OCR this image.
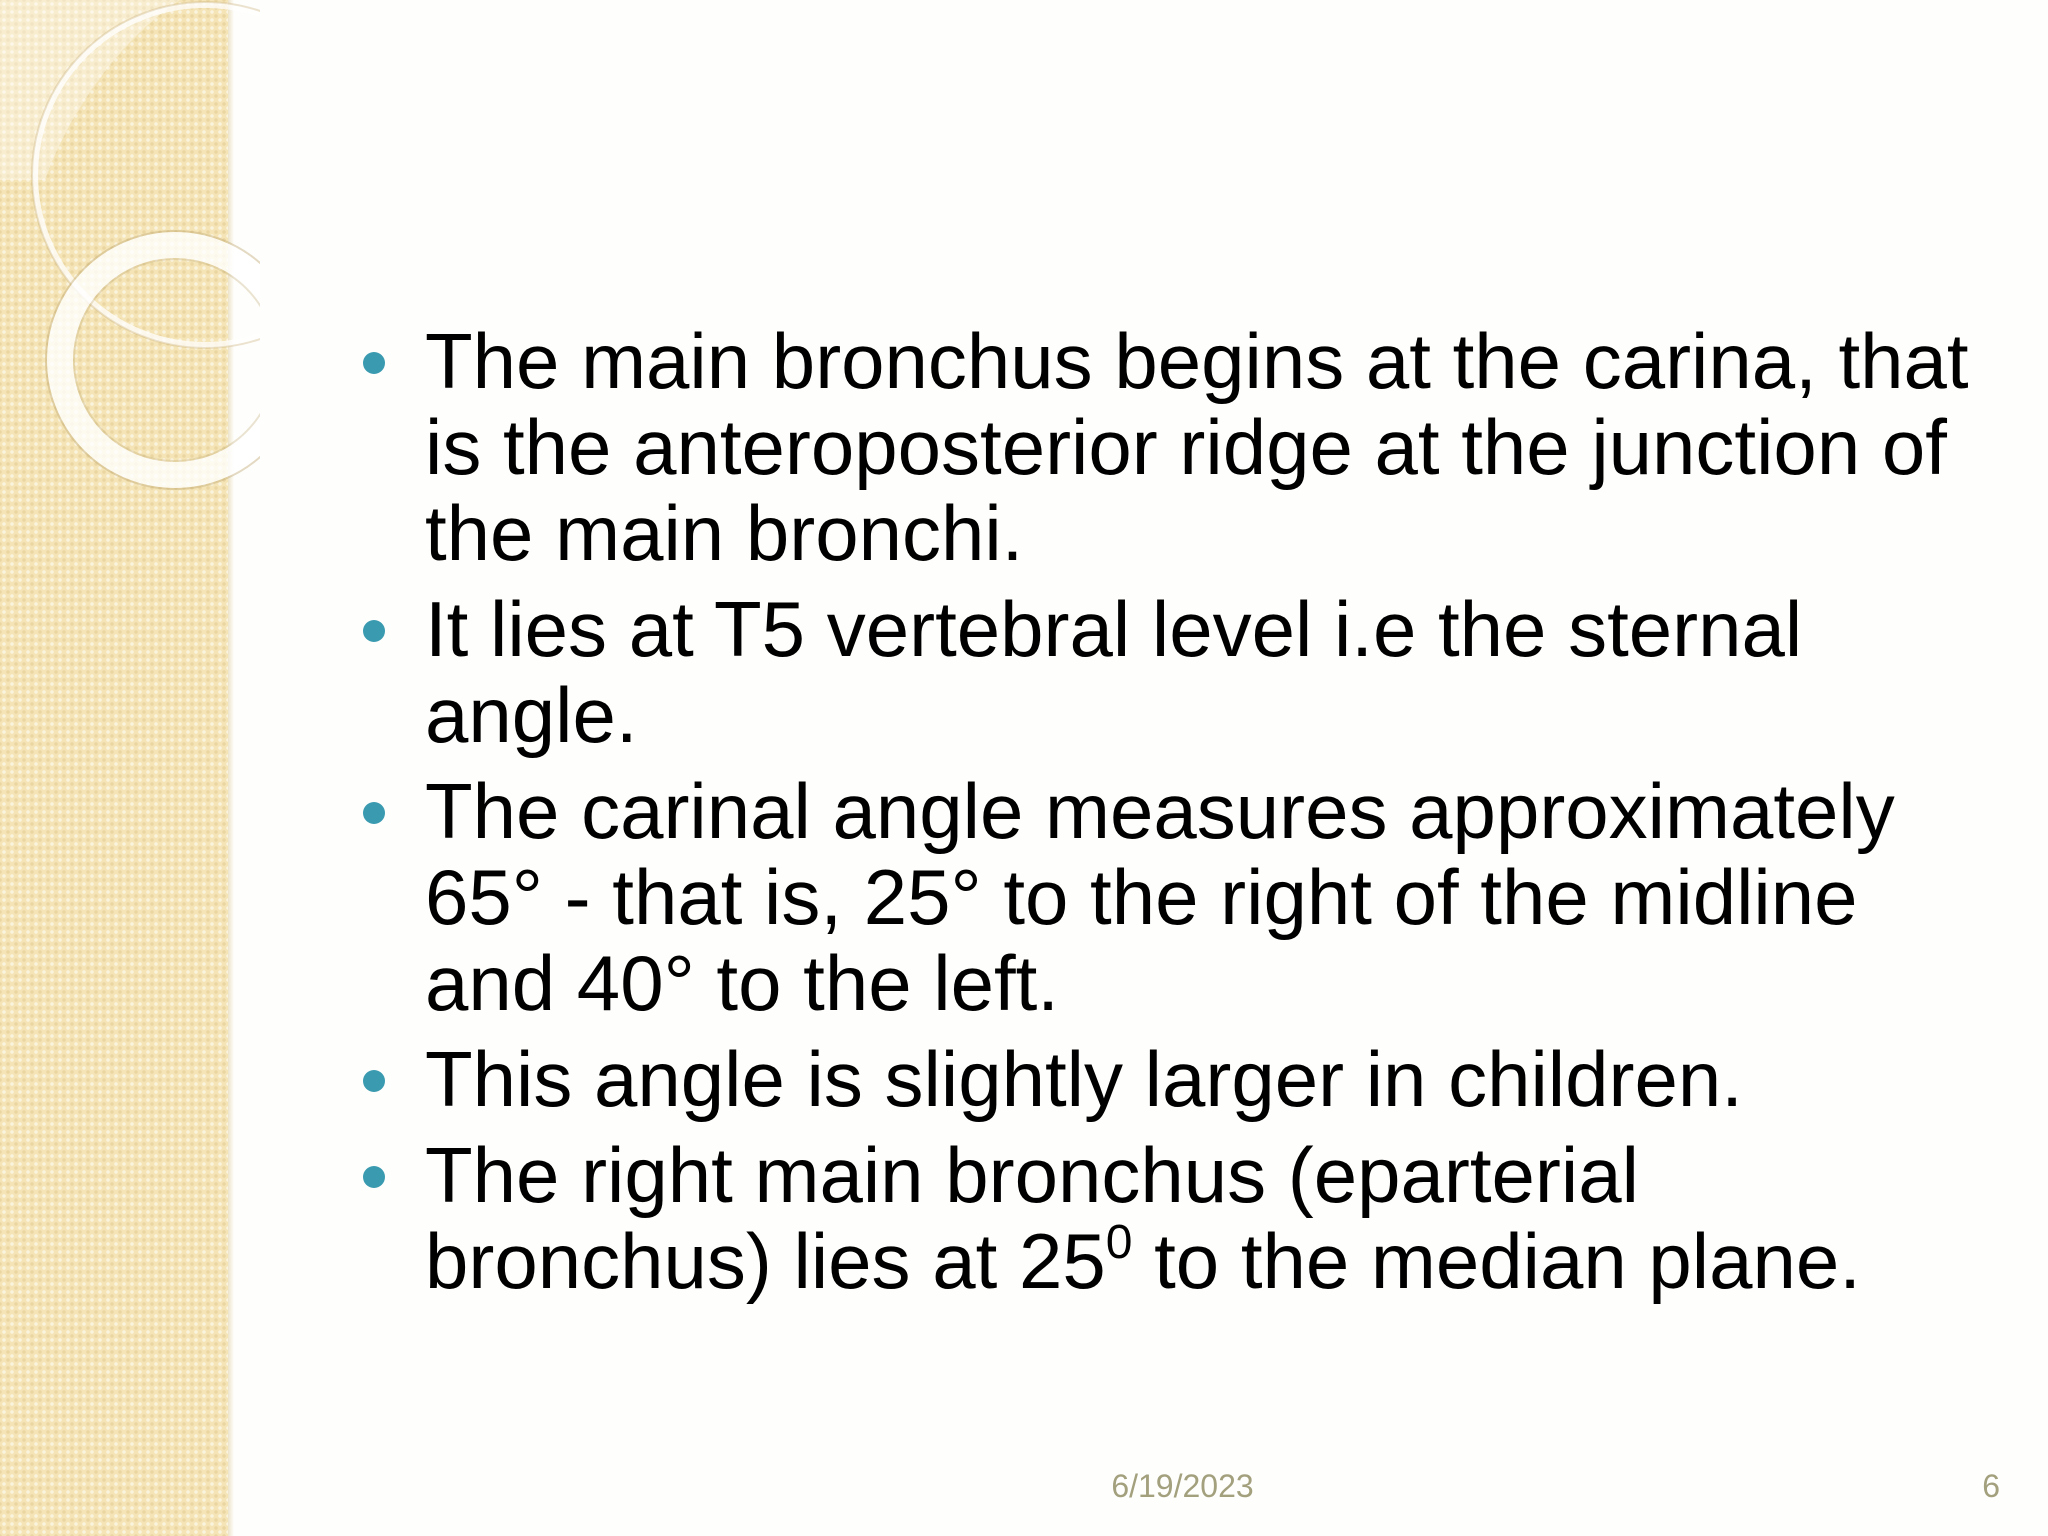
The main bronchus begins at the carina, that is the anteroposterior ridge at the junction of the main bronchi.
It lies at T5 vertebral level i.e the sternal angle.
The carinal angle measures approximately 65° - that is, 25° to the right of the midline and 40° to the left.
This angle is slightly larger in children.
The right main bronchus (eparterial bronchus) lies at $25^0$ to the median plane.
6/19/2023	6
